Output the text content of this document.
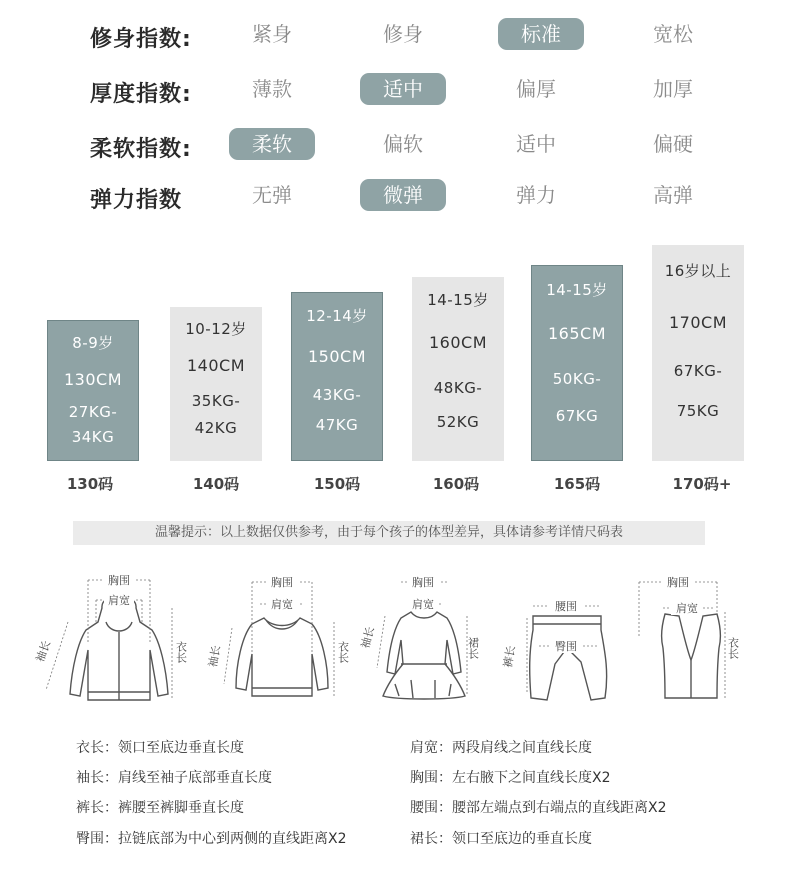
修身指数:	紧身	修身	标准	宽松
厚度指数:	薄款	适中	偏厚	加厚
柔软指数:	柔软	偏软	适中	偏硬
弹力指数	无弹	微弹	弹力	高弹
8-9岁
130CM
27KG-
34KG
10-12岁
140CM
35KG-
42KG
12-14岁
150CM
43KG-
47KG
14-15岁
160CM
48KG-
52KG
14-15岁
165CM
50KG-
67KG
16岁以上
170CM
67KG-
75KG
130码	140码	150码	160码	165码	170码+
温馨提示：以上数据仅供参考，由于每个孩子的体型差异，具体请参考详情尺码表
胸围
肩宽
衣长
袖长
胸围
肩宽
衣长
袖长
胸围
肩宽
裙长
袖长
腰围
臀围
裤长
胸围
肩宽
衣长
衣长：领口至底边垂直长度
袖长：肩线至袖子底部垂直长度
裤长：裤腰至裤脚垂直长度
臀围：拉链底部为中心到两侧的直线距离X2
肩宽：两段肩线之间直线长度
胸围：左右腋下之间直线长度X2
腰围：腰部左端点到右端点的直线距离X2
裙长：领口至底边的垂直长度
